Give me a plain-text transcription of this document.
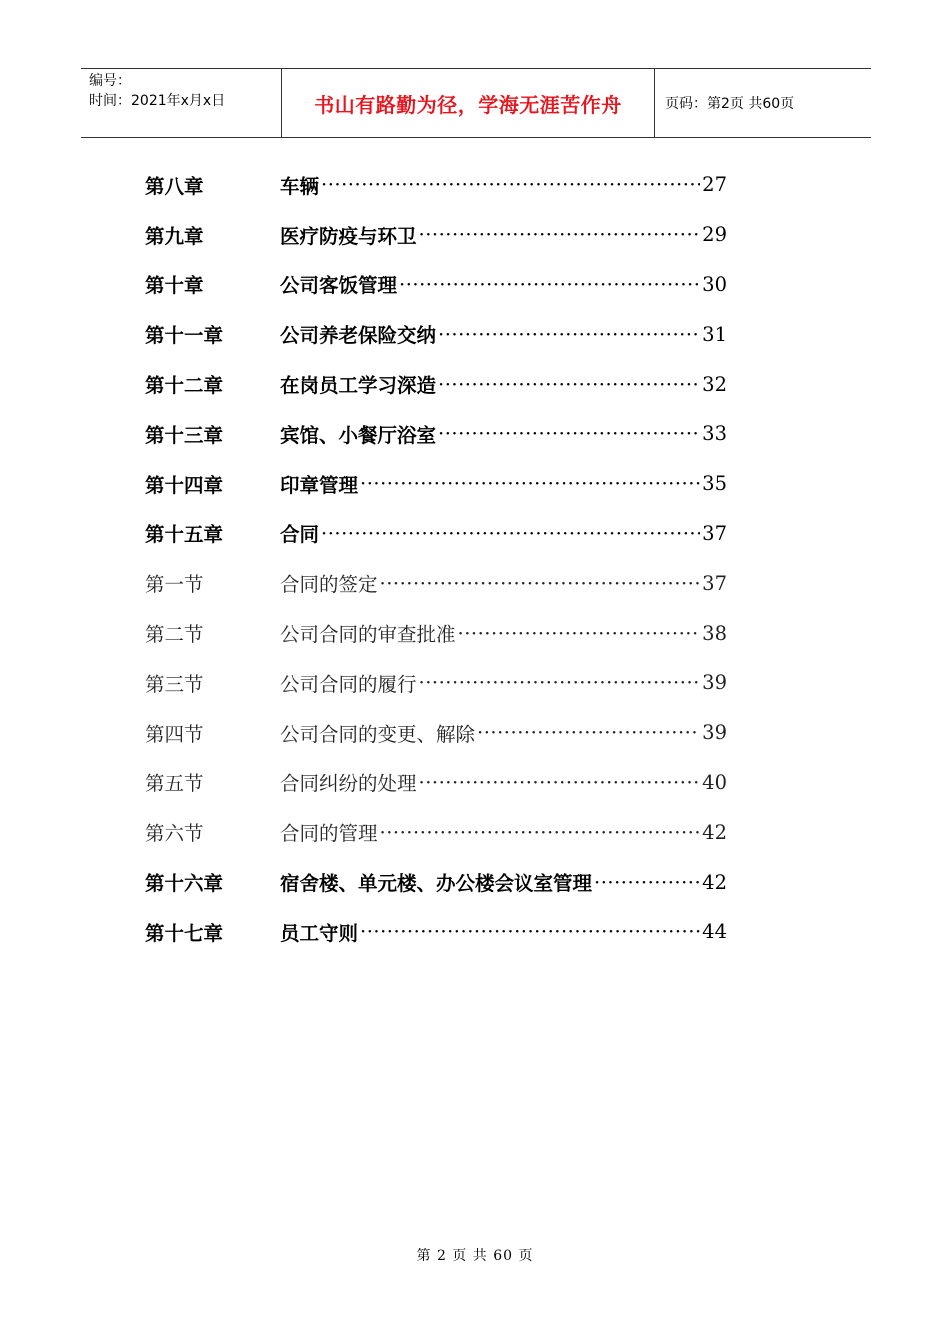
编号：
时间：2021年x月x日	书山有路勤为径，学海无涯苦作舟	页码：第2页 共60页
第八章	车辆 ·····	27
第九章	医疗防疫与环卫 ·····	29
第十章	公司客饭管理 ·····	30
第十一章	公司养老保险交纳 ·····	31
第十二章	在岗员工学习深造 ·····	32
第十三章	宾馆、小餐厅浴室 ·····	33
第十四章	印章管理 ·····	35
第十五章	合同 ·····	37
第一节	合同的签定 ·····	37
第二节	公司合同的审查批准 ·····	38
第三节	公司合同的履行 ·····	39
第四节	公司合同的变更、解除 ·····	39
第五节	合同纠纷的处理 ·····	40
第六节	合同的管理 ·····	42
第十六章	宿舍楼、单元楼、办公楼会议室管理 ·····	42
第十七章	员工守则 ·····	44
第 2 页 共 60 页
